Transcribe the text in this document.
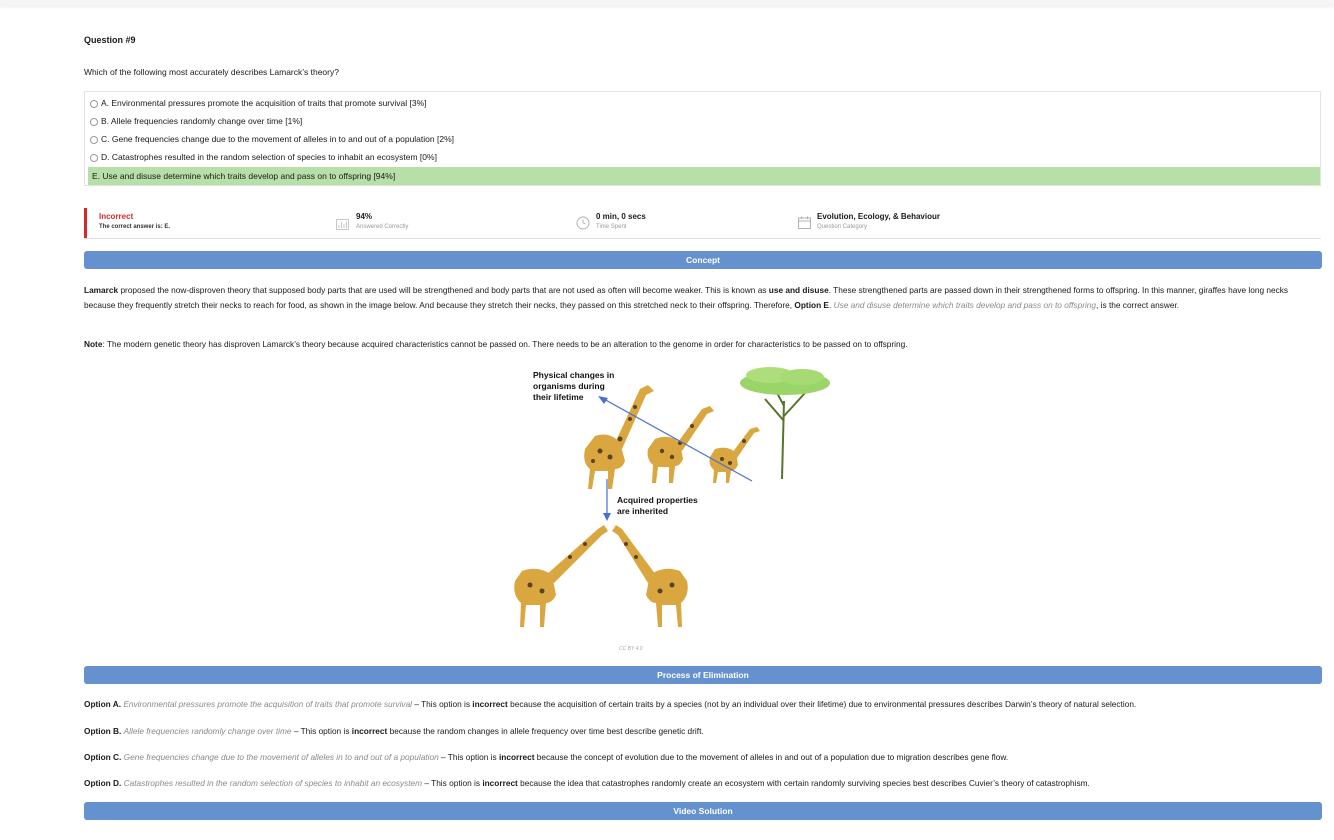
Question #9
Which of the following most accurately describes Lamarck’s theory?
A. Environmental pressures promote the acquisition of traits that promote survival [3%]
B. Allele frequencies randomly change over time [1%]
C. Gene frequencies change due to the movement of alleles in to and out of a population [2%]
D. Catastrophes resulted in the random selection of species to inhabit an ecosystem [0%]
E. Use and disuse determine which traits develop and pass on to offspring [94%]
Incorrect
The correct answer is: E.
94%
Answered Correctly
0 min, 0 secs
Time Spent
Evolution, Ecology, & Behaviour
Question Category
Concept
Lamarck proposed the now-disproven theory that supposed body parts that are used will be strengthened and body parts that are not used as often will become weaker. This is known as use and disuse. These strengthened parts are passed down in their strengthened forms to offspring. In this manner, giraffes have long necks because they frequently stretch their necks to reach for food, as shown in the image below. And because they stretch their necks, they passed on this stretched neck to their offspring. Therefore, Option E. Use and disuse determine which traits develop and pass on to offspring, is the correct answer.
Note: The modern genetic theory has disproven Lamarck’s theory because acquired characteristics cannot be passed on. There needs to be an alteration to the genome in order for characteristics to be passed on to offspring.
Physical changes in
organisms during
their lifetime
Acquired properties
are inherited
CC BY 4.0
Process of Elimination
Option A. Environmental pressures promote the acquisition of traits that promote survival – This option is incorrect because the acquisition of certain traits by a species (not by an individual over their lifetime) due to environmental pressures describes Darwin’s theory of natural selection.
Option B. Allele frequencies randomly change over time – This option is incorrect because the random changes in allele frequency over time best describe genetic drift.
Option C. Gene frequencies change due to the movement of alleles in to and out of a population – This option is incorrect because the concept of evolution due to the movement of alleles in and out of a population due to migration describes gene flow.
Option D. Catastrophes resulted in the random selection of species to inhabit an ecosystem – This option is incorrect because the idea that catastrophes randomly create an ecosystem with certain randomly surviving species best describes Cuvier’s theory of catastrophism.
Video Solution
